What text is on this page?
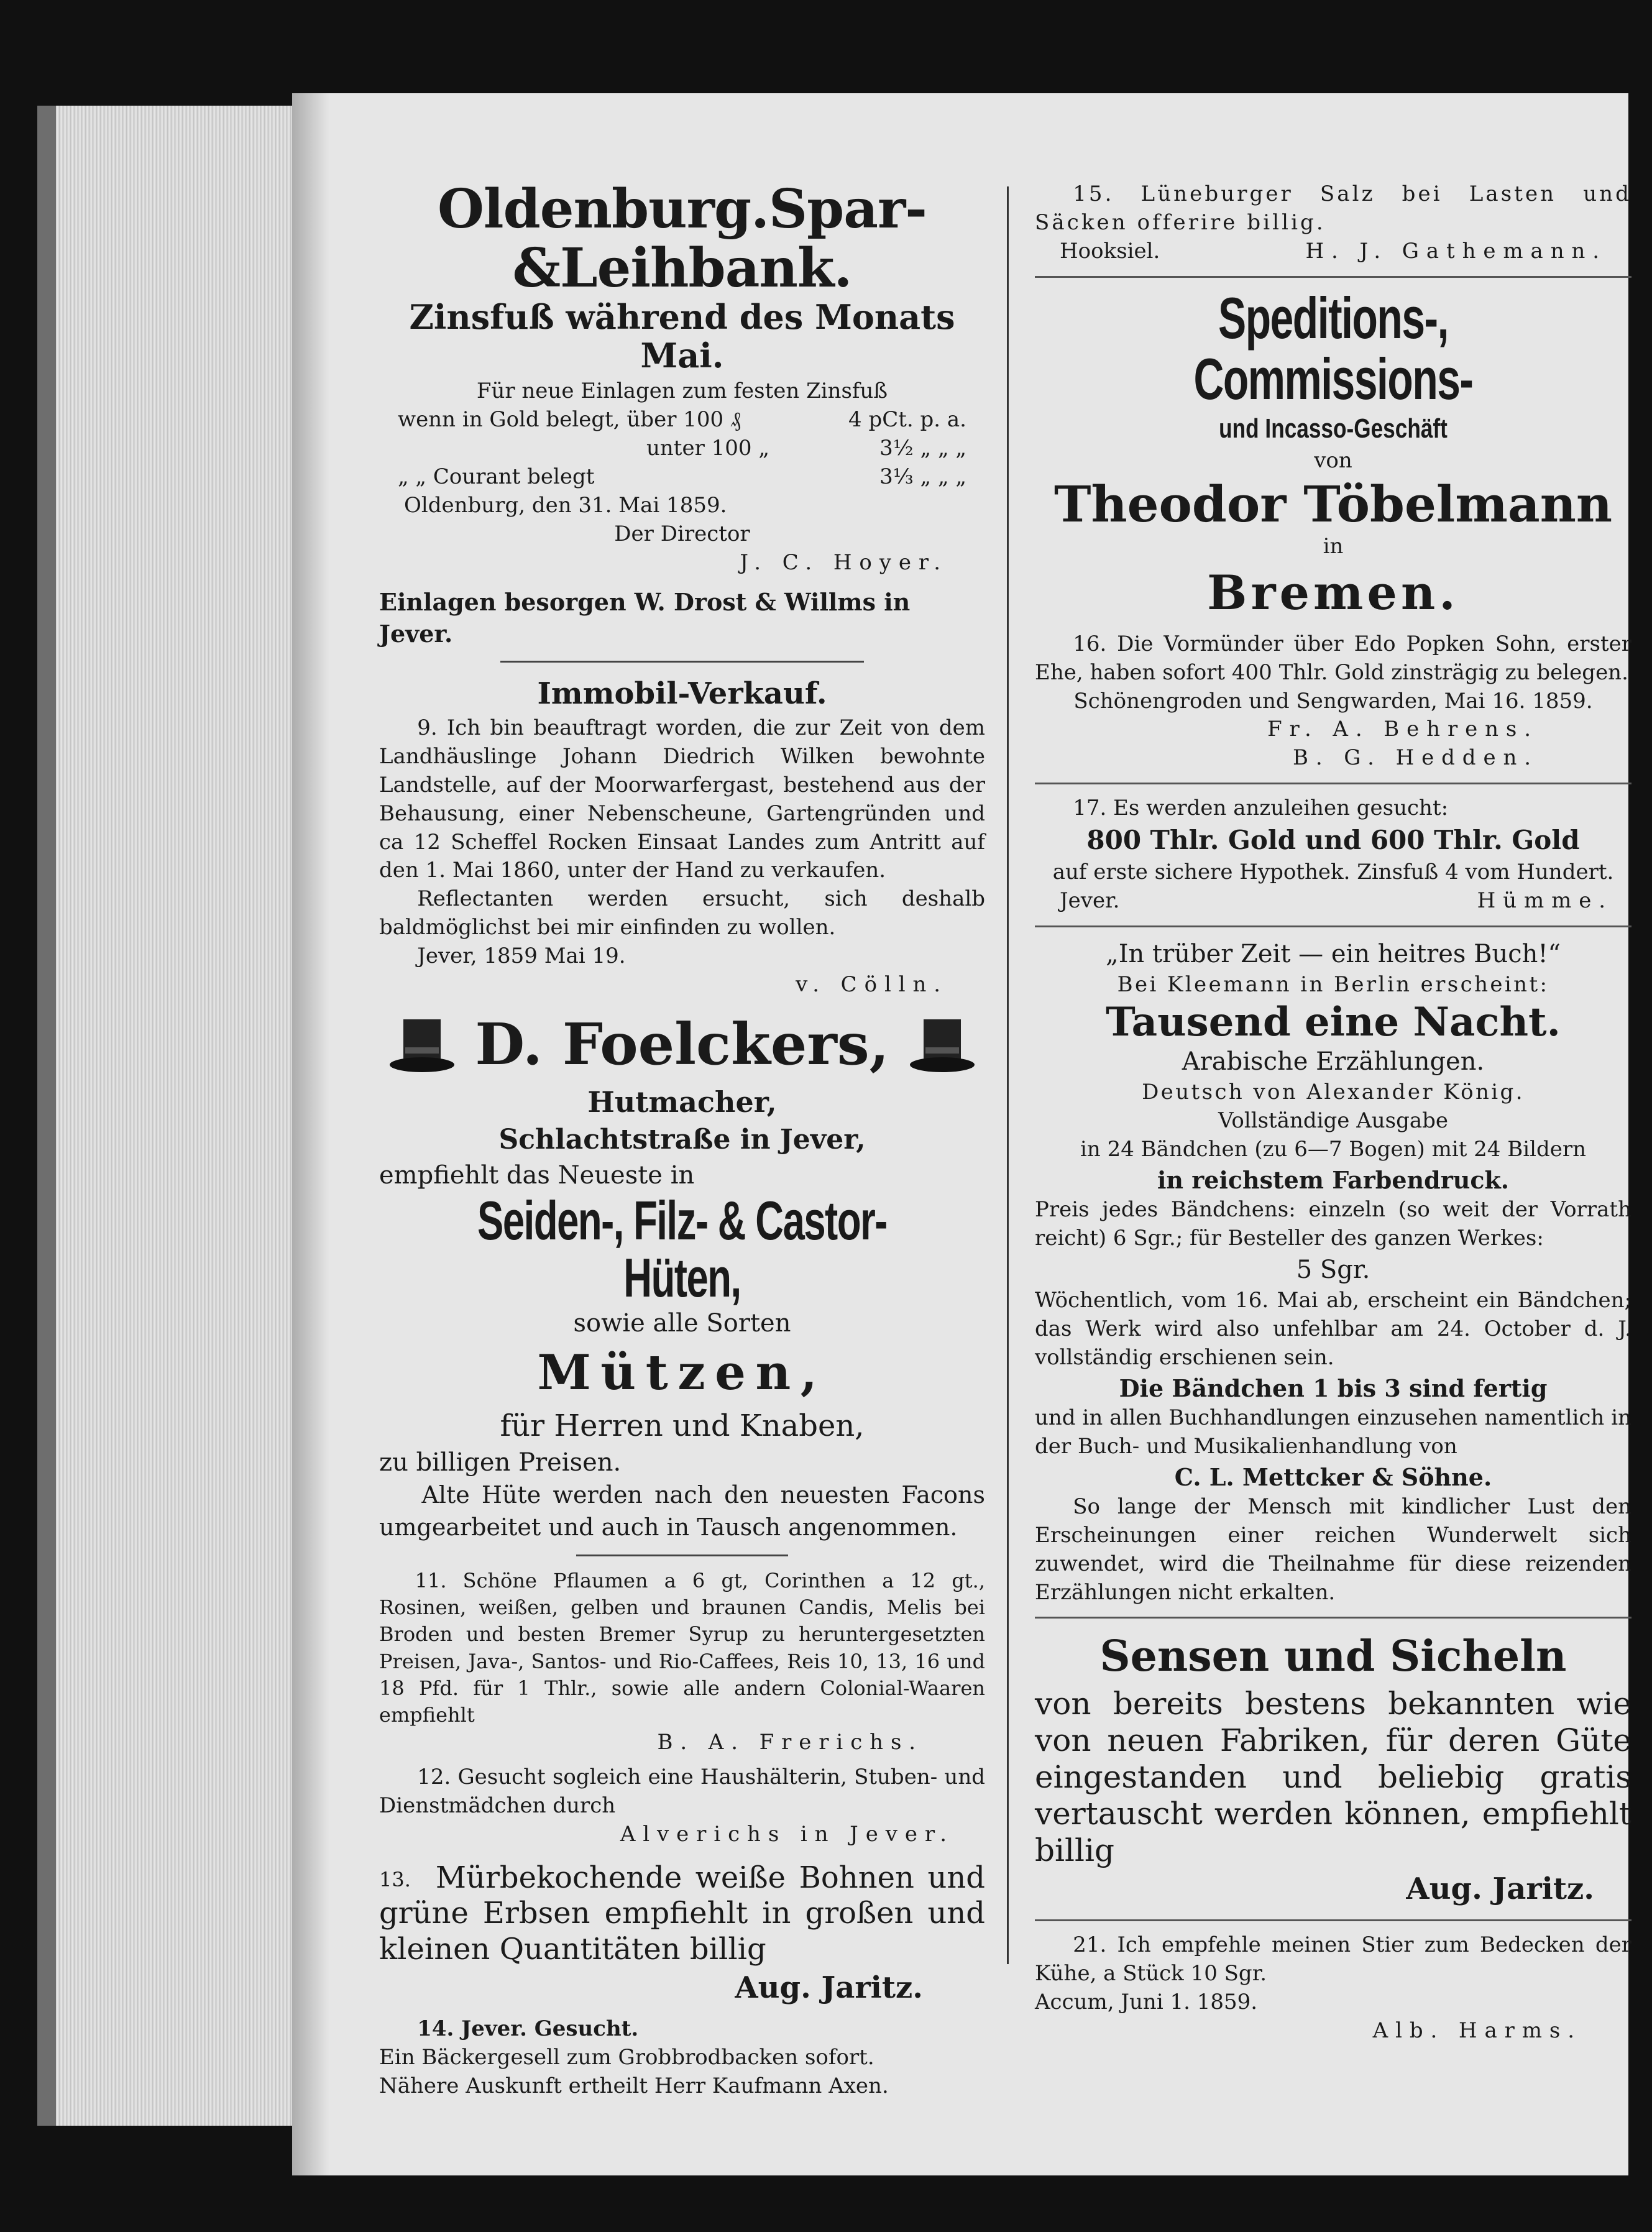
Oldenburg.Spar-&Leihbank.

Zinsfuß während des Monats Mai.

Für neue Einlagen zum festen Zinsfuß

wenn in Gold belegt, über 100 ₰	4 pCt. p. a.
unter 100 „	3½ „ „ „
„ „ Courant belegt	3⅓ „ „ „

Oldenburg, den 31. Mai 1859.

Der Director

J. C. Hoyer.

Einlagen besorgen W. Drost & Willms in Jever.

Immobil-Verkauf.

9. Ich bin beauftragt worden, die zur Zeit von dem Landhäuslinge Johann Diedrich Wilken bewohnte Landstelle, auf der Moorwarfergast, bestehend aus der Behausung, einer Nebenscheune, Gartengründen und ca 12 Scheffel Rocken Einsaat Landes zum Antritt auf den 1. Mai 1860, unter der Hand zu verkaufen.

Reflectanten werden ersucht, sich deshalb baldmöglichst bei mir einfinden zu wollen.

Jever, 1859 Mai 19.

v. Cölln.

D. Foelckers,

Hutmacher,

Schlachtstraße in Jever,

empfiehlt das Neueste in

Seiden-, Filz- & Castor-

Hüten,

sowie alle Sorten

Mützen,

für Herren und Knaben,

zu billigen Preisen.

Alte Hüte werden nach den neuesten Facons umgearbeitet und auch in Tausch angenommen.

11. Schöne Pflaumen a 6 gt, Corinthen a 12 gt., Rosinen, weißen, gelben und braunen Candis, Melis bei Broden und besten Bremer Syrup zu heruntergesetzten Preisen, Java-, Santos- und Rio-Caffees, Reis 10, 13, 16 und 18 Pfd. für 1 Thlr., sowie alle andern Colonial-Waaren empfiehlt

B. A. Frerichs.

12. Gesucht sogleich eine Haushälterin, Stuben- und Dienstmädchen durch

Alverichs in Jever.

13. Mürbekochende weiße Bohnen und grüne Erbsen empfiehlt in großen und kleinen Quantitäten billig

Aug. Jaritz.

14. Jever. Gesucht.

Ein Bäckergesell zum Grobbrodbacken sofort.

Nähere Auskunft ertheilt Herr Kaufmann Axen.

15. Lüneburger Salz bei Lasten und Säcken offerire billig.

Hooksiel.	H. J. Gathemann.

Speditions-, Commissions-

und Incasso-Geschäft

von

Theodor Töbelmann

in

Bremen.

16. Die Vormünder über Edo Popken Sohn, erster Ehe, haben sofort 400 Thlr. Gold zinsträgig zu belegen.

Schönengroden und Sengwarden, Mai 16. 1859.

Fr. A. Behrens.

B. G. Hedden.

17. Es werden anzuleihen gesucht:

800 Thlr. Gold und 600 Thlr. Gold

auf erste sichere Hypothek. Zinsfuß 4 vom Hundert.

Jever.	Hümme.

„In trüber Zeit — ein heitres Buch!“

Bei Kleemann in Berlin erscheint:

Tausend eine Nacht.

Arabische Erzählungen.

Deutsch von Alexander König.

Vollständige Ausgabe

in 24 Bändchen (zu 6—7 Bogen) mit 24 Bildern

in reichstem Farbendruck.

Preis jedes Bändchens: einzeln (so weit der Vorrath reicht) 6 Sgr.; für Besteller des ganzen Werkes:

5 Sgr.

Wöchentlich, vom 16. Mai ab, erscheint ein Bändchen; das Werk wird also unfehlbar am 24. October d. J. vollständig erschienen sein.

Die Bändchen 1 bis 3 sind fertig

und in allen Buchhandlungen einzusehen namentlich in der Buch- und Musikalienhandlung von

C. L. Mettcker & Söhne.

So lange der Mensch mit kindlicher Lust den Erscheinungen einer reichen Wunderwelt sich zuwendet, wird die Theilnahme für diese reizenden Erzählungen nicht erkalten.

Sensen und Sicheln

von bereits bestens bekannten wie von neuen Fabriken, für deren Güte eingestanden und beliebig gratis vertauscht werden können, empfiehlt billig

Aug. Jaritz.

21. Ich empfehle meinen Stier zum Bedecken der Kühe, a Stück 10 Sgr.

Accum, Juni 1. 1859.

Alb. Harms.
